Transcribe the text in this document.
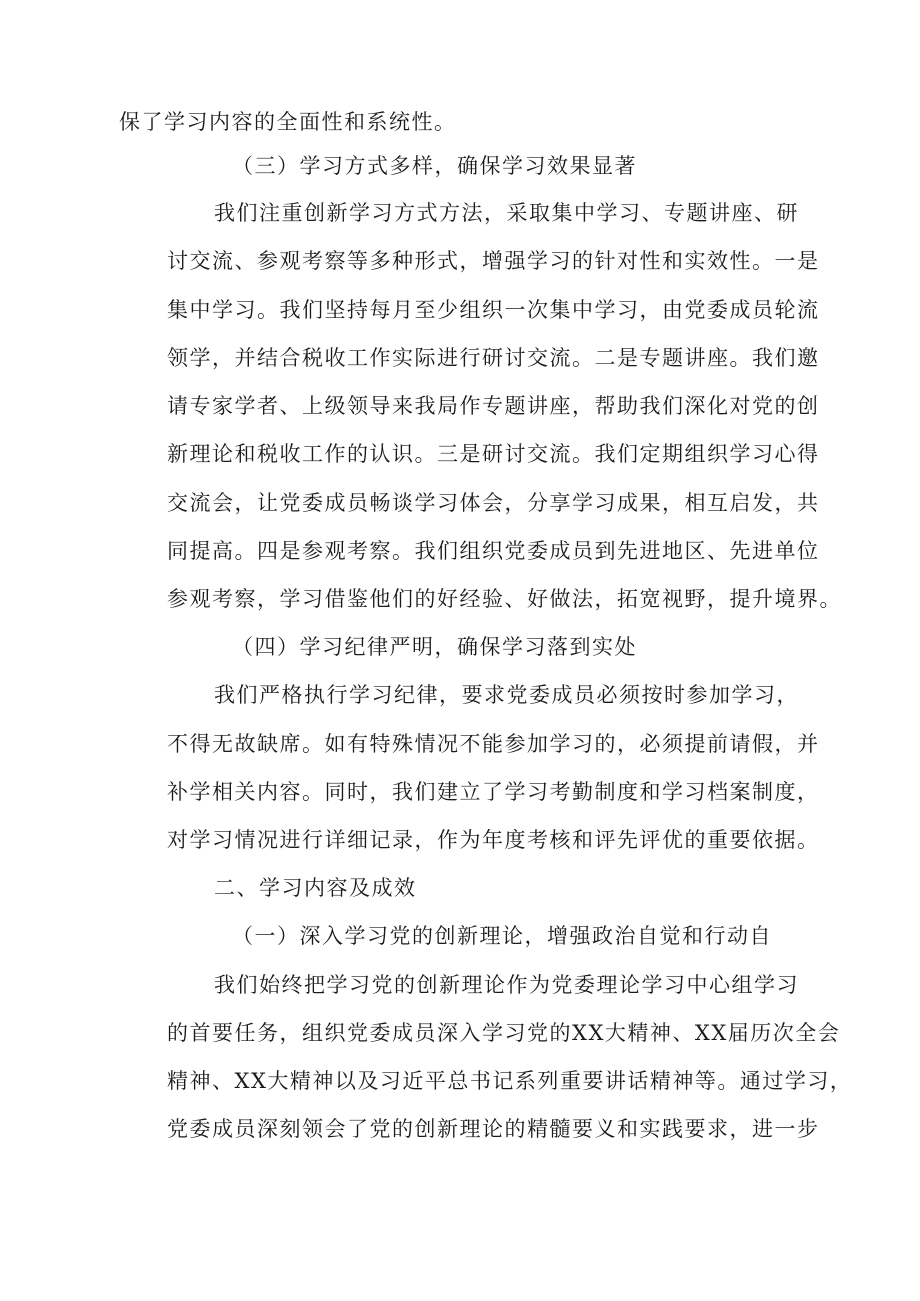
保了学习内容的全面性和系统性。
（三）学习方式多样，确保学习效果显著
我们注重创新学习方式方法，采取集中学习、专题讲座、研
讨交流、参观考察等多种形式，增强学习的针对性和实效性。一是
集中学习。我们坚持每月至少组织一次集中学习，由党委成员轮流
领学，并结合税收工作实际进行研讨交流。二是专题讲座。我们邀
请专家学者、上级领导来我局作专题讲座，帮助我们深化对党的创
新理论和税收工作的认识。三是研讨交流。我们定期组织学习心得
交流会，让党委成员畅谈学习体会，分享学习成果，相互启发，共
同提高。四是参观考察。我们组织党委成员到先进地区、先进单位
参观考察，学习借鉴他们的好经验、好做法，拓宽视野，提升境界。
（四）学习纪律严明，确保学习落到实处
我们严格执行学习纪律，要求党委成员必须按时参加学习，
不得无故缺席。如有特殊情况不能参加学习的，必须提前请假，并
补学相关内容。同时，我们建立了学习考勤制度和学习档案制度，
对学习情况进行详细记录，作为年度考核和评先评优的重要依据。
二、学习内容及成效
（一）深入学习党的创新理论，增强政治自觉和行动自
我们始终把学习党的创新理论作为党委理论学习中心组学习
的首要任务，组织党委成员深入学习党的XX大精神、XX届历次全会
精神、XX大精神以及习近平总书记系列重要讲话精神等。通过学习，
党委成员深刻领会了党的创新理论的精髓要义和实践要求，进一步
